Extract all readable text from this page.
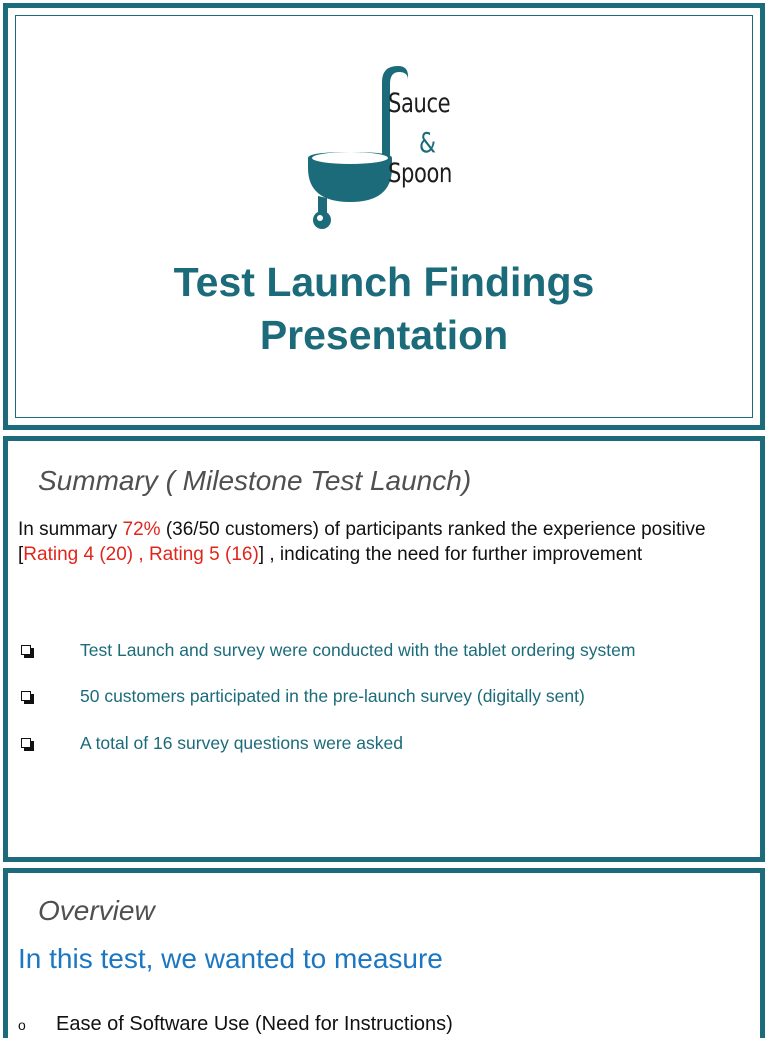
Sauce
&
Spoon
Test Launch Findings
Presentation
Summary ( Milestone Test Launch)
In summary 72% (36/50 customers) of participants ranked the experience positive [Rating 4 (20) , Rating 5 (16)] , indicating the need for further improvement
Test Launch and survey were conducted with the tablet ordering system
50 customers participated in the pre-launch survey (digitally sent)
A total of 16 survey questions were asked
Overview
In this test, we wanted to measure
o Ease of Software Use (Need for Instructions)
